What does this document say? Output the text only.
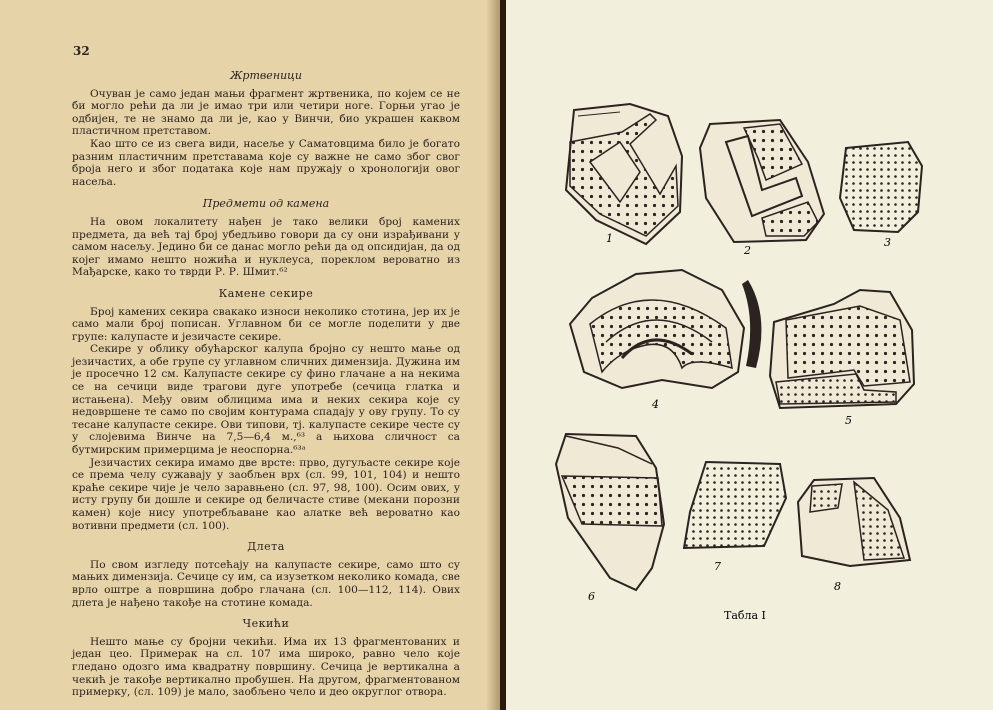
32
Жртвеници

Очуван је само један мањи фрагмент жртвеника, по којем се не би могло рећи да ли је имао три или четири ноге. Горњи угао је одбијен, те не знамо да ли је, као у Винчи, био украшен каквом пластичном претставом.

Као што се из свега види, насеље у Саматовцима било је богато разним пластичним претставама које су важне не само због свог броја него и због података које нам пружају о хронологији овог насеља.

Предмети од камена

На овом локалитету нађен је тако велики број камених предмета, да већ тај број убедљиво говори да су они израђивани у самом насељу. Једино би се данас могло рећи да од опсидијан, да од којег имамо нешто ножића и нуклеуса, пореклом вероватно из Мађарске, како то тврди Р. Р. Шмит.⁶²

Камене секире

Број камених секира свакако износи неколико стотина, јер их је само мали број пописан. Углавном би се могле поделити у две групе: калупасте и језичасте секире.

Секире у облику обућарског калупа бројно су нешто мање од језичастих, а обе групе су углавном сличних димензија. Дужина им је просечно 12 см. Калупасте секире су фино глачане а на некима се на сечици виде трагови дуге употребе (сечица глатка и истањена). Међу овим облицима има и неких секира које су недовршене те само по својим контурама спадају у ову групу. То су тесане калупасте секире. Ови типови, тј. калупасте секире честе су у слојевима Винче на 7,5—6,4 м.,⁶³ а њихова сличност са бутмирским примерцима је неоспорна.⁶³ᵃ

Језичастих секира имамо две врсте: прво, дугуљасте секире које се према челу сужавају у заобљен врх (сл. 99, 101, 104) и нешто краће секире чије је чело заравњено (сл. 97, 98, 100). Осим ових, у исту групу би дошле и секире од беличасте стиве (мекани порозни камен) које нису употребљаване као алатке већ вероватно као вотивни предмети (сл. 100).

Длета

По свом изгледу потсећају на калупасте секире, само што су мањих димензија. Сечице су им, са изузетком неколико комада, све врло оштре а површина добро глачана (сл. 100—112, 114). Ових длета је нађено такође на стотине комада.

Чекићи

Нешто мање су бројни чекићи. Има их 13 фрагментованих и један цео. Примерак на сл. 107 има широко, равно чело које гледано одозго има квадратну површину. Сечица је вертикална а чекић је такође вертикално пробушен. На другом, фрагментованом примерку, (сл. 109) је мало, заобљено чело и део округлог отвора.

1
2
3
4
5
6
7
8
Табла I
